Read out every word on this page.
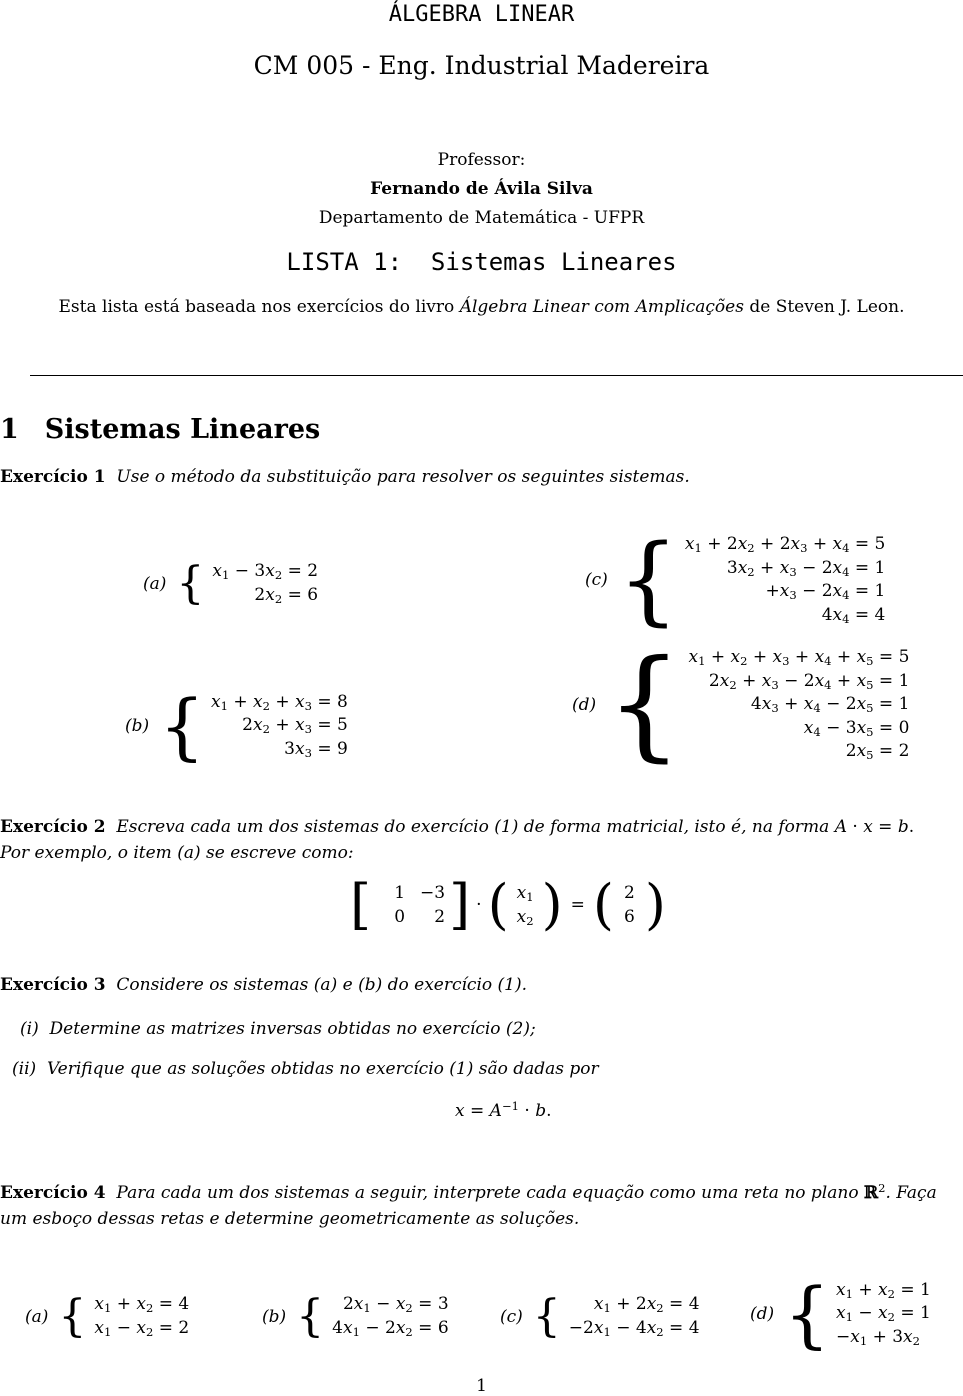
ÁLGEBRA LINEAR
CM 005 - Eng. Industrial Madereira
Professor:
Fernando de Ávila Silva
Departamento de Matemática - UFPR
LISTA 1:  Sistemas Lineares
Esta lista está baseada nos exercícios do livro Álgebra Linear com Amplicações de Steven J. Leon.
1 Sistemas Lineares
Exercício 1 Use o método da substituição para resolver os seguintes sistemas.
(a) { $x_1 - 3x_2 = 2$
$2x_2 = 6$
(b) { $x_1 + x_2 + x_3 = 8$
$2x_2 + x_3 = 5$
$3x_3 = 9$
(c) { $x_1 + 2x_2 + 2x_3 + x_4 = 5$
$3x_2 + x_3 - 2x_4 = 1$
$+x_3 - 2x_4 = 1$
$4x_4 = 4$
(d) { $x_1 + x_2 + x_3 + x_4 + x_5 = 5$
$2x_2 + x_3 - 2x_4 + x_5 = 1$
$4x_3 + x_4 - 2x_5 = 1$
$x_4 - 3x_5 = 0$
$2x_5 = 2$
Exercício 2 Escreva cada um dos sistemas do exercício (1) de forma matricial, isto é, na forma A · x = b.
Por exemplo, o item (a) se escreve como:
[	1 −3
0	2 ] · ( $x_1$
$x_2$ ) = ( 2
6 )
Exercício 3 Considere os sistemas (a) e (b) do exercício (1).
(i) Determine as matrizes inversas obtidas no exercício (2);
(ii) Verifique que as soluções obtidas no exercício (1) são dadas por
$x = A^{-1} \cdot b$.
Exercício 4 Para cada um dos sistemas a seguir, interprete cada equação como uma reta no plano ℝ$^2$. Faça
um esboço dessas retas e determine geometricamente as soluções.
(a) { $x_1 + x_2 = 4$
$x_1 - x_2 = 2$
(b) {	$2x_1 - x_2 = 3$
$4x_1 - 2x_2 = 6$
(c) {	$x_1 + 2x_2 = 4$
$-2x_1 - 4x_2 = 4$
(d) { $x_1 + x_2 = 1$
$x_1 - x_2 = 1$
$-x_1 + 3x_2$
1
